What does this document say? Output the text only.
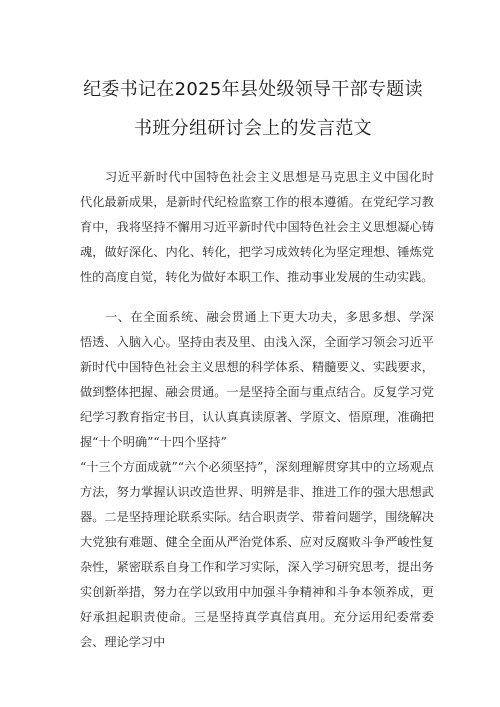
纪委书记在2025年县处级领导干部专题读
书班分组研讨会上的发言范文

习近平新时代中国特色社会主义思想是马克思主义中国化时代化最新成果，是新时代纪检监察工作的根本遵循。在党纪学习教育中，我将坚持不懈用习近平新时代中国特色社会主义思想凝心铸魂，做好深化、内化、转化，把学习成效转化为坚定理想、锤炼党性的高度自觉，转化为做好本职工作、推动事业发展的生动实践。

一、在全面系统、融会贯通上下更大功夫，多思多想、学深悟透、入脑入心。坚持由表及里、由浅入深，全面学习领会习近平新时代中国特色社会主义思想的科学体系、精髓要义、实践要求，做到整体把握、融会贯通。一是坚持全面与重点结合。反复学习党纪学习教育指定书目，认认真真读原著、学原文、悟原理，准确把握“十个明确”“十四个坚持”

“十三个方面成就”“六个必须坚持”，深刻理解贯穿其中的立场观点方法，努力掌握认识改造世界、明辨是非、推进工作的强大思想武器。二是坚持理论联系实际。结合职责学、带着问题学，围绕解决大党独有难题、健全全面从严治党体系、应对反腐败斗争严峻性复杂性，紧密联系自身工作和学习实际，深入学习研究思考，提出务实创新举措，努力在学以致用中加强斗争精神和斗争本领养成，更好承担起职责使命。三是坚持真学真信真用。充分运用纪委常委会、理论学习中
